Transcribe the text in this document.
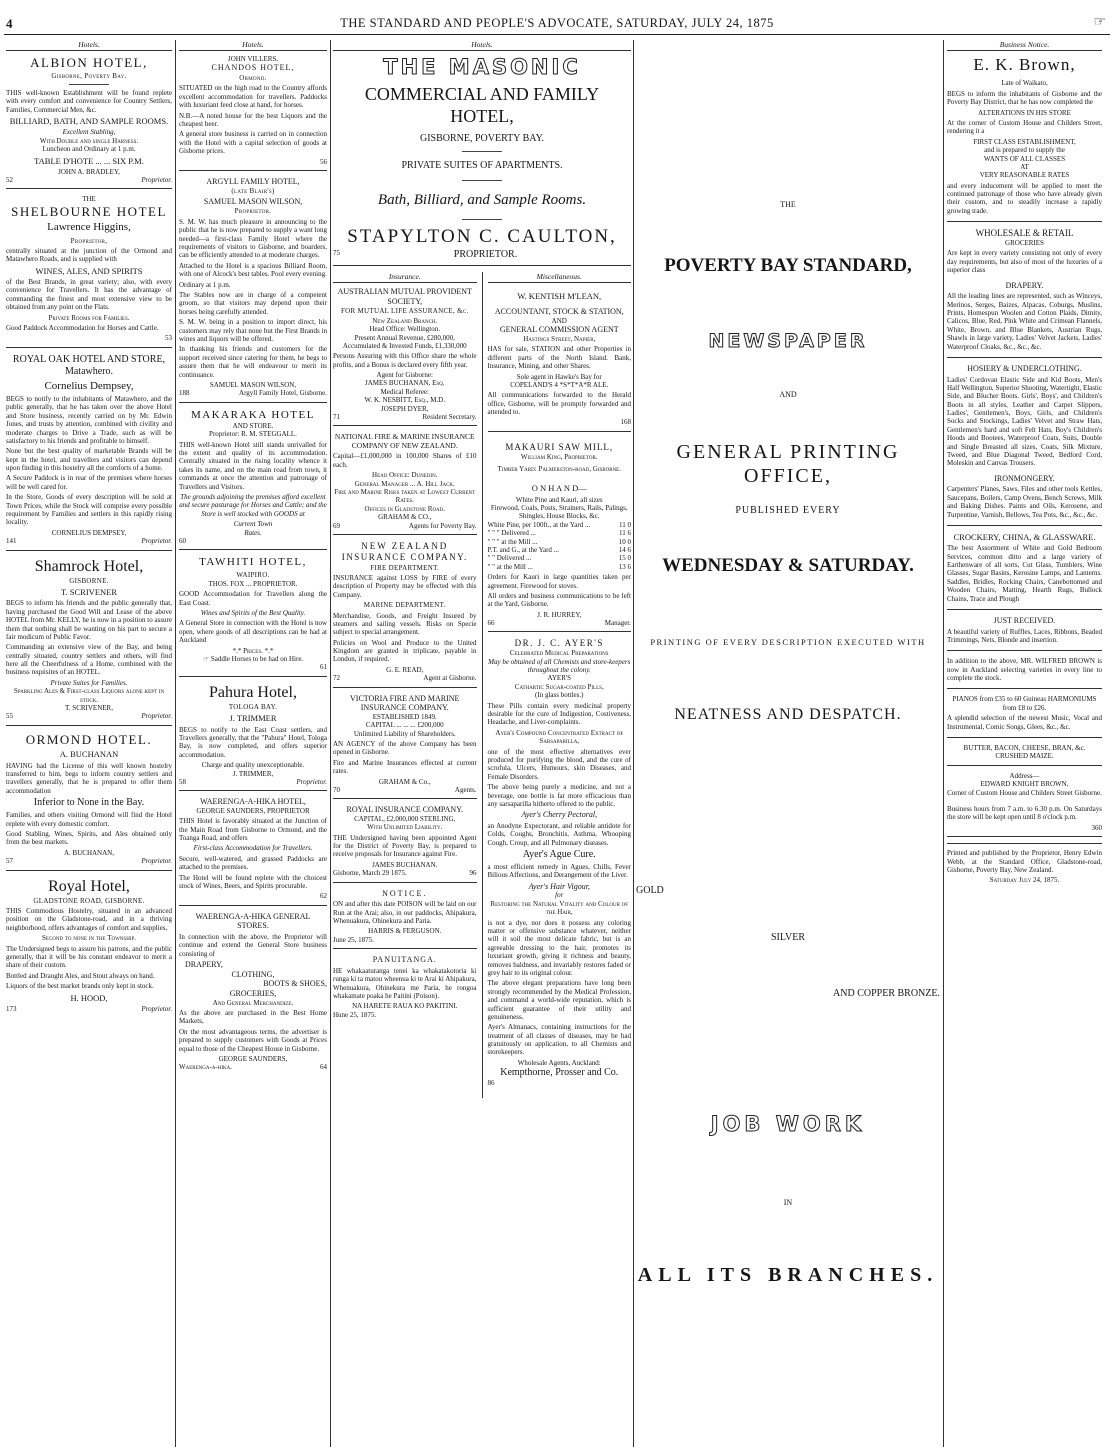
4	THE STANDARD AND PEOPLE'S ADVOCATE, SATURDAY, JULY 24, 1875	☞
Hotels.
ALBION HOTEL,
Gisborne, Poverty Bay.

THIS well-known Establishment will be found replete with every comfort and convenience for Country Settlers, Families, Commercial Men, &c.

BILLIARD, BATH, AND SAMPLE ROOMS.
Excellent Stabling,
With Double and single Harness.
Luncheon and Ordinary at 1 p.m.
TABLE D'HOTE ... ... SIX P.M.
JOHN A. BRADLEY,
52	Proprietor.
THE
SHELBOURNE HOTEL
Lawrence Higgins,
Proprietor,

centrally situated at the junction of the Ormond and Matawhero Roads, and is supplied with

WINES, ALES, AND SPIRITS

of the Best Brands, in great variety; also, with every convenience for Travellers. It has the advantage of commanding the finest and most extensive view to be obtained from any point on the Flats.

Private Rooms for Families.

Good Paddock Accommodation for Horses and Cattle.

53
ROYAL OAK HOTEL AND STORE, Matawhero.
Cornelius Dempsey,

BEGS to notify to the inhabitants of Matawhero, and the public generally, that he has taken over the above Hotel and Store business, recently carried on by Mr. Edwin Jones, and trusts by attention, combined with civility and moderate charges to Drive a Trade, such as will be satisfactory to his friends and profitable to himself.

None but the best quality of marketable Brands will be kept in the hotel, and travellers and visitors can depend upon finding in this hostelry all the comforts of a home.

A Secure Paddock is in rear of the premises where horses will be well cared for.

In the Store, Goods of every description will be sold at Town Prices, while the Stock will comprise every possible requirement by Families and settlers in this rapidly rising locality.

CORNELIUS DEMPSEY,
141	Proprietor.
Shamrock Hotel,
GISBORNE.
T. SCRIVENER

BEGS to inform his friends and the public generally that, having purchased the Good Will and Lease of the above HOTEL from Mr. KELLY, he is now in a position to assure them that nothing shall be wanting on his part to secure a fair modicum of Public Favor.

Commanding an extensive view of the Bay, and being centrally situated, country settlers and others, will find here all the Cheerfulness of a Home, combined with the business requisites of an HOTEL.

Private Suites for Families.
Sparkling Ales & First-class Liquors alone kept in stock.
T. SCRIVENER,
55	Proprietor.
ORMOND HOTEL.
A. BUCHANAN

HAVING had the License of this well known hostelry transferred to him, begs to inform country settlers and travellers generally, that he is prepared to offer them accommodation

Inferior to None in the Bay.

Families, and others visiting Ormond will find the Hotel replete with every domestic comfort.

Good Stabling. Wines, Spirits, and Ales obtained only from the best markets.

A. BUCHANAN,
57	Proprietor.
Royal Hotel,
GLADSTONE ROAD, GISBORNE.

THIS Commodious Hostelry, situated in an advanced position on the Gladstone-road, and in a thriving neighborhood, offers advantages of comfort and supplies,

Second to none in the Township.

The Undersigned begs to assure his patrons, and the public generally, that it will be his constant endeavor to merit a share of their custom.

Bottled and Draught Ales, and Stout always on hand.

Liquors of the best market brands only kept in stock.

H. HOOD,
173	Proprietor.
Hotels.
JOHN VILLERS,
CHANDOS HOTEL,
Ormond.

SITUATED on the high road to the Country affords excellent accommodation for travellers. Paddocks with luxuriant feed close at hand, for horses.

N.B.—A noted house for the best Liquors and the cheapest beer.

A general store business is carried on in connection with the Hotel with a capital selection of goods at Gisborne prices.

56
ARGYLL FAMILY HOTEL,
(late Blair's)
SAMUEL MASON WILSON,
Proprietor.

S. M. W. has much pleasure in announcing to the public that he is now prepared to supply a want long needed—a first-class Family Hotel where the requirements of visitors to Gisborne, and boarders, can be efficiently attended to at moderate charges.

Attached to the Hotel is a spacious Billiard Room, with one of Alcock's best tables. Pool every evening.

Ordinary at 1 p.m.

The Stables now are in charge of a competent groom, so that visitors may depend upon their horses being carefully attended.

S. M. W. being in a position to import direct, his customers may rely that none but the First Brands in wines and liquors will be offered.

In thanking his friends and customers for the support received since catering for them, he begs to assure them that he will endeavour to merit its continuance.

SAMUEL MASON WILSON,
188	Argyll Family Hotel, Gisborne.
MAKARAKA HOTEL
AND STORE.
Proprietor: R. M. STEGGALL.

THIS well-known Hotel still stands unrivalled for the extent and quality of its accommodation. Centrally situated in the rising locality whence it takes its name, and on the main road from town, it commands at once the attention and patronage of Travellers and Visitors.

The grounds adjoining the premises afford excellent and secure pasturage for Horses and Cattle; and the Store is well stocked with GOODS at

Current Town
Rates.
60
TAWHITI HOTEL,
WAIPIRO.
THOS. FOX ... PROPRIETOR.

GOOD Accommodation for Travellers along the East Coast.

Wines and Spirits of the Best Quality.

A General Store in connection with the Hotel is now open, where goods of all descriptions can be had at Auckland

*.* Prices. *.*
☞ Saddle Horses to be had on Hire.
61
Pahura Hotel,
TOLOGA BAY.
J. TRIMMER

BEGS to notify to the East Coast settlers, and Travellers generally, that the "Pahura" Hotel, Tologa Bay, is now completed, and offers superior accommodation.

Charge and quality unexceptionable.
J. TRIMMER,
58	Proprietor.
WAERENGA-A-HIKA HOTEL,
GEORGE SAUNDERS, PROPRIETOR

THIS Hotel is favorably situated at the Junction of the Main Road from Gisborne to Ormond, and the Toanga Road, and offers

First-class Accommodation for Travellers.

Secure, well-watered, and grassed Paddocks are attached to the premises.

The Hotel will be found replete with the choicest stock of Wines, Beers, and Spirits procurable.

62
WAERENGA-A-HIKA GENERAL STORES.

In connection with the above, the Proprietor will continue and extend the General Store business consisting of

DRAPERY,
CLOTHING,
BOOTS & SHOES,
GROCERIES,
And General Merchandize.

As the above are purchased in the Best Home Markets,

On the most advantageous terms, the advertiser is prepared to supply customers with Goods at Prices equal to those of the Cheapest House in Gisborne.

GEORGE SAUNDERS,
Waerenga-a-hika.	64
Hotels.
THE MASONIC
COMMERCIAL AND FAMILY HOTEL,
GISBORNE, POVERTY BAY.
PRIVATE SUITES OF APARTMENTS.
Bath, Billiard, and Sample Rooms.
STAPYLTON C. CAULTON,
75	PROPRIETOR.
Insurance.
AUSTRALIAN MUTUAL PROVIDENT SOCIETY,
FOR MUTUAL LIFE ASSURANCE, &c.
New Zealand Branch.
Head Office: Wellington.
Present Annual Revenue, £280,000,
Accumulated & Invested Funds, £1,330,000

Persons Assuring with this Office share the whole profits, and a Bonus is declared every fifth year.

Agent for Gisborne:
JAMES BUCHANAN, Esq.
Medical Referee:
W. K. NESBITT, Esq., M.D.
JOSEPH DYER,
71	Resident Secretary.
NATIONAL FIRE & MARINE INSURANCE COMPANY OF NEW ZEALAND.

Capital—£1,000,000 in 100,000 Shares of £10 each.

Head Office: Dunedin.
General Manager ... A. Hill Jack.
Fire and Marine Risks taken at Lowest Current Rates.
Offices in Gladstone Road.
GRAHAM & CO.,
69	Agents for Poverty Bay.
NEW ZEALAND
INSURANCE COMPANY.
FIRE DEPARTMENT.

INSURANCE against LOSS by FIRE of every description of Property may be effected with this Company.

MARINE DEPARTMENT.

Merchandise, Goods, and Freight Insured by steamers and sailing vessels. Risks on Specie subject to special arrangement.

Policies on Wool and Produce to the United Kingdom are granted in triplicate, payable in London, if required.

G. E. READ,
72	Agent at Gisborne.
VICTORIA FIRE AND MARINE INSURANCE COMPANY.
ESTABLISHED 1849.
CAPITAL ... ... ... £200,000
Unlimited Liability of Shareholders.

AN AGENCY of the above Company has been opened in Gisborne.

Fire and Marine Insurances effected at current rates.

GRAHAM & Co.,
70	Agents.
ROYAL INSURANCE COMPANY.
CAPITAL, £2,000,000 STERLING,
With Unlimited Liability.

THE Undersigned having been appointed Agent for the District of Poverty Bay, is prepared to receive proposals for Insurance against Fire.

JAMES BUCHANAN.
Gisborne, March 29 1875.	96
NOTICE.

ON and after this date POISON will be laid on our Run at the Arai; also, in our paddocks, Ahipakura, Whenuakura, Ohinekura and Paria.

HARRIS & FERGUSON.
June 25, 1875.
PANUITANGA.

HE whakaaturanga tenei ka whakatakotoria ki runga ki ta matou wheenua ki te Arai ki Ahipakura, Whenuakura, Ohinekura me Paria, he rongoa whakamate poaka he Paitini (Poison).

NA HARETE RAUA KO PAKITINI.
Hune 25, 1875.
Miscellaneous.
W. KENTISH M'LEAN,
ACCOUNTANT, STOCK & STATION,
AND
GENERAL COMMISSION AGENT
Hastings Street, Napier,

HAS for sale, STATION and other Properties in different parts of the North Island. Bank, Insurance, Mining, and other Shares.

Sole agent in Hawke's Bay for
COPELAND'S 4 *S*T*A*R ALE.

All communications forwarded to the Herald office, Gisborne, will be promptly forwarded and attended to.

168
MAKAURI SAW MILL,
William King, Proprietor.
Timber Yard: Palmerston-road, Gisborne.
O N H A N D—
White Pine and Kauri, all sizes
Firewood, Coals, Posts, Strainers, Rails, Palings, Shingles, House Blocks, &c.
White Pine, per 100ft., at the Yard ...	11 0
" " " Delivered ...	11 6
" " " at the Mill ...	10 0
P.T. and G., at the Yard ...	14 6
" " Delivered ...	15 0
" " at the Mill ...	13 6

Orders for Kauri in large quantities taken per agreement. Firewood for stoves.

All orders and business communications to be left at the Yard, Gisborne.

J. R. HURREY,
66	Manager.
DR. J. C. AYER'S
Celebrated Medical Preparations
May be obtained of all Chemists and store-keepers throughout the colony.
AYER'S
Cathartic Sugar-coated Pills,
(In glass bottles.)

These Pills contain every medicinal property desirable for the cure of Indigestion, Costiveness, Headache, and Liver-complaints.

Ayer's Compound Concentrated Extract of Sarsaparilla,

one of the most effective alternatives ever produced for purifying the blood, and the cure of scrofula, Ulcers, Humours, skin Diseases, and Female Disorders.

The above being purely a medicine, and not a beverage, one bottle is far more efficacious than any sarsaparilla hitherto offered to the public.

Ayer's Cherry Pectoral,

an Anodyne Expectorant, and reliable antidote for Colds, Coughs, Bronchitis, Asthma, Whooping Cough, Croup, and all Pulmonary diseases.

Ayer's Ague Cure.

a most efficient remedy in Agues, Chills, Fever Bilious Affections, and Derangement of the Liver.

Ayer's Hair Vigour,
for
Restoring the Natural Vitality and Colour of the Hair,

is not a dye, nor does it possess any coloring matter or offensive substance whatever, neither will it soil the most delicate fabric, but is an agreeable dressing to the hair, promotes its luxuriant growth, giving it richness and beauty, removes baldness, and invariably restores faded or grey hair to its original colour.

The above elegant preparations have long been strongly recommended by the Medical Profession, and command a world-wide reputation, which is sufficient guarantee of their utility and genuineness.

Ayer's Almanacs, containing instructions for the treatment of all classes of diseases, may be had gratuitously on application, to all Chemists and storekeepers.

Wholesale Agents, Auckland:
Kempthorne, Prosser and Co.
86
THE
POVERTY BAY STANDARD,
NEWSPAPER
AND
GENERAL PRINTING OFFICE,
PUBLISHED EVERY
WEDNESDAY & SATURDAY.
PRINTING OF EVERY DESCRIPTION EXECUTED WITH
NEATNESS AND DESPATCH.
GOLD
SILVER
AND COPPER BRONZE.
JOB WORK
IN
ALL ITS BRANCHES.
Business Notice.
E. K. Brown,
Late of Waikato,

BEGS to inform the inhabitants of Gisborne and the Poverty Bay District, that he has now completed the

ALTERATIONS IN HIS STORE

At the corner of Custom House and Childers Street, rendering it a

FIRST CLASS ESTABLISHMENT,
and is prepared to supply the
WANTS OF ALL CLASSES
AT
VERY REASONABLE RATES

and every inducement will be applied to meet the continued patronage of those who have already given their custom, and to steadily increase a rapidly growing trade.

WHOLESALE & RETAIL
GROCERIES

Are kept in every variety consisting not only of every day requirements, but also of most of the luxuries of a superior class

DRAPERY.

All the leading lines are represented, such as Winceys, Merinos, Serges, Baizes, Alpacas, Coburgs, Muslins, Prints, Homespun Woolen and Cotton Plaids, Dimity, Calicos, Blue, Red, Pink White and Crimean Flannels, White, Brown, and Blue Blankets, Austrian Rugs, Shawls in large variety, Ladies' Velvet Jackets, Ladies' Waterproof Cloaks, &c., &c., &c.

HOSIERY & UNDERCLOTHING.

Ladies' Cordovan Elastic Side and Kid Boots, Men's Half Wellington, Superior Shooting, Watertight, Elastic Side, and Blucher Boots. Girls', Boys', and Children's Boots in all styles, Leather and Carpet Slippers, Ladies', Gentlemen's, Boys, Girls, and Children's Socks and Stockings, Ladies' Velvet and Straw Hats, Gentlemen's hard and soft Felt Hats, Boy's Children's Hoods and Bootees, Waterproof Coats, Suits, Double and Single Breasted all sizes, Coats, Silk Mixture, Tweed, and Blue Diagonal Tweed, Bedford Cord, Moleskin and Canvas Trousers.

IRONMONGERY.

Carpenters' Planes, Saws, Files and other tools Kettles, Saucepans, Boilers, Camp Ovens, Bench Screws, Milk and Baking Dishes. Paints and Oils, Kerosene, and Turpentine, Varnish, Bellows, Tea Pots, &c., &c., &c.

CROCKERY, CHINA, & GLASSWARE.

The best Assortment of White and Gold Bedroom Services, common ditto and a large variety of Earthenware of all sorts, Cut Glass, Tumblers, Wine Glasses, Sugar Basins, Kerosine Lamps, and Lanterns. Saddles, Bridles, Rocking Chairs, Canebottomed and Wooden Chairs, Matting, Hearth Rugs, Bullock Chains, Trace and Plough

JUST RECEIVED.

A beautiful variety of Ruffles, Laces, Ribbons, Beaded Trimmings, Nets, Blonde and insertion.

In addition to the above, MR. WILFRED BROWN is now in Auckland selecting varieties in every line to complete the stock.

PIANOS from £35 to 60 Guineas HARMONIUMS from £8 to £26.

A splendid selection of the newest Music, Vocal and Instrumental, Comic Songs, Glees, &c., &c.

BUTTER, BACON, CHEESE, BRAN, &c. CRUSHED MAIZE.
Address—
EDWARD KNIGHT BROWN,
Corner of Custom House and Childers Street Gisborne.

Business hours from 7 a.m. to 6.30 p.m. On Saturdays the store will be kept open until 8 o'clock p.m.

360

Printed and published by the Proprietor, Henry Edwin Webb, at the Standard Office, Gladstone-road, Gisborne, Poverty Bay, New Zealand.

Saturday July 24, 1875.
